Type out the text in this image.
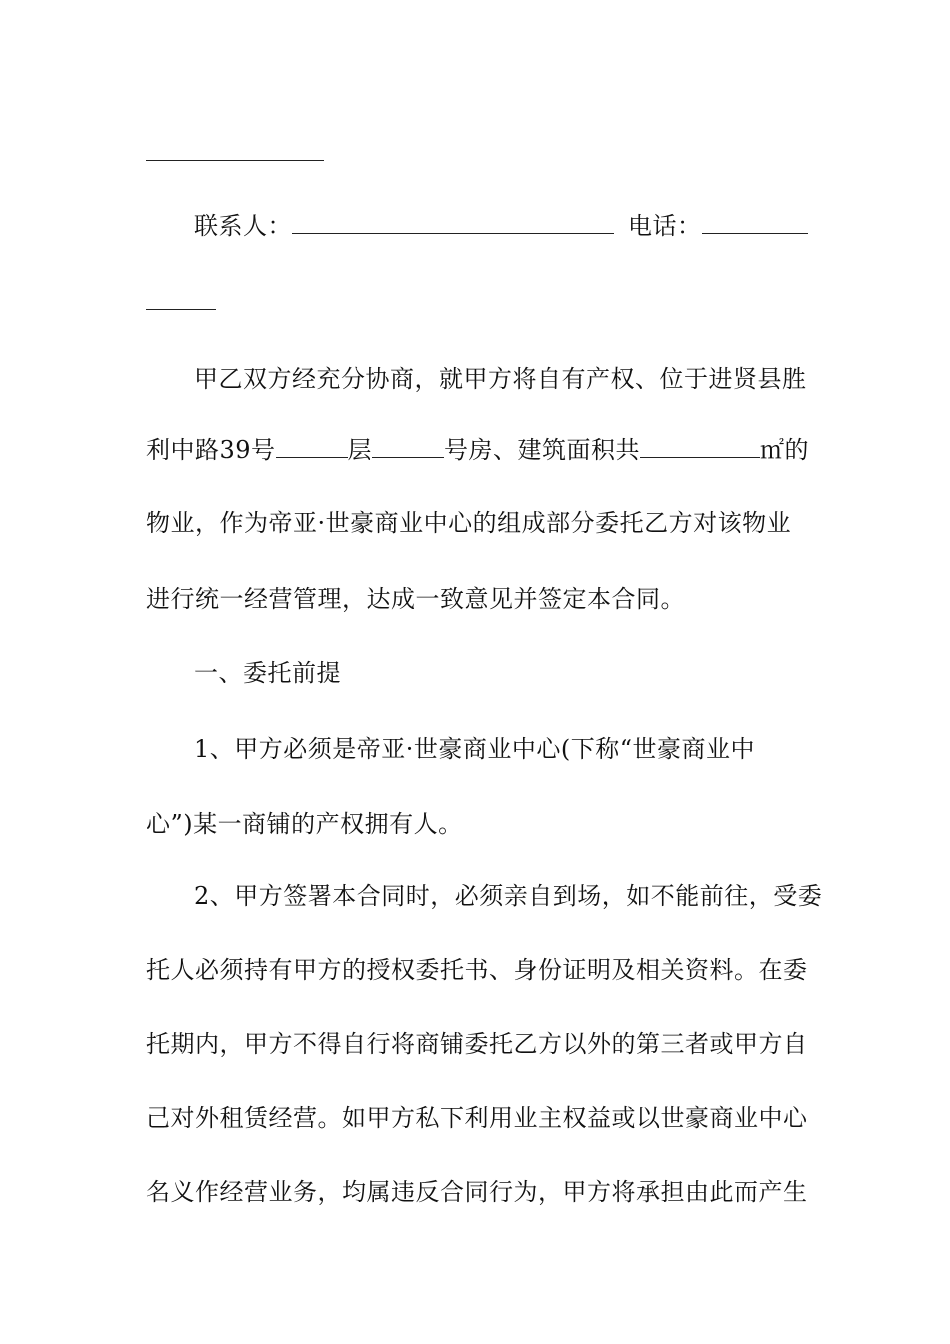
联系人：	电话：
甲乙双方经充分协商，就甲方将自有产权、位于进贤县胜
利中路39号	层	号房、建筑面积共	㎡的
物业，作为帝亚·世豪商业中心的组成部分委托乙方对该物业
进行统一经营管理，达成一致意见并签定本合同。
一、委托前提
1、甲方必须是帝亚·世豪商业中心(下称“世豪商业中
心”)某一商铺的产权拥有人。
2、甲方签署本合同时，必须亲自到场，如不能前往，受委
托人必须持有甲方的授权委托书、身份证明及相关资料。在委
托期内，甲方不得自行将商铺委托乙方以外的第三者或甲方自
己对外租赁经营。如甲方私下利用业主权益或以世豪商业中心
名义作经营业务，均属违反合同行为，甲方将承担由此而产生
